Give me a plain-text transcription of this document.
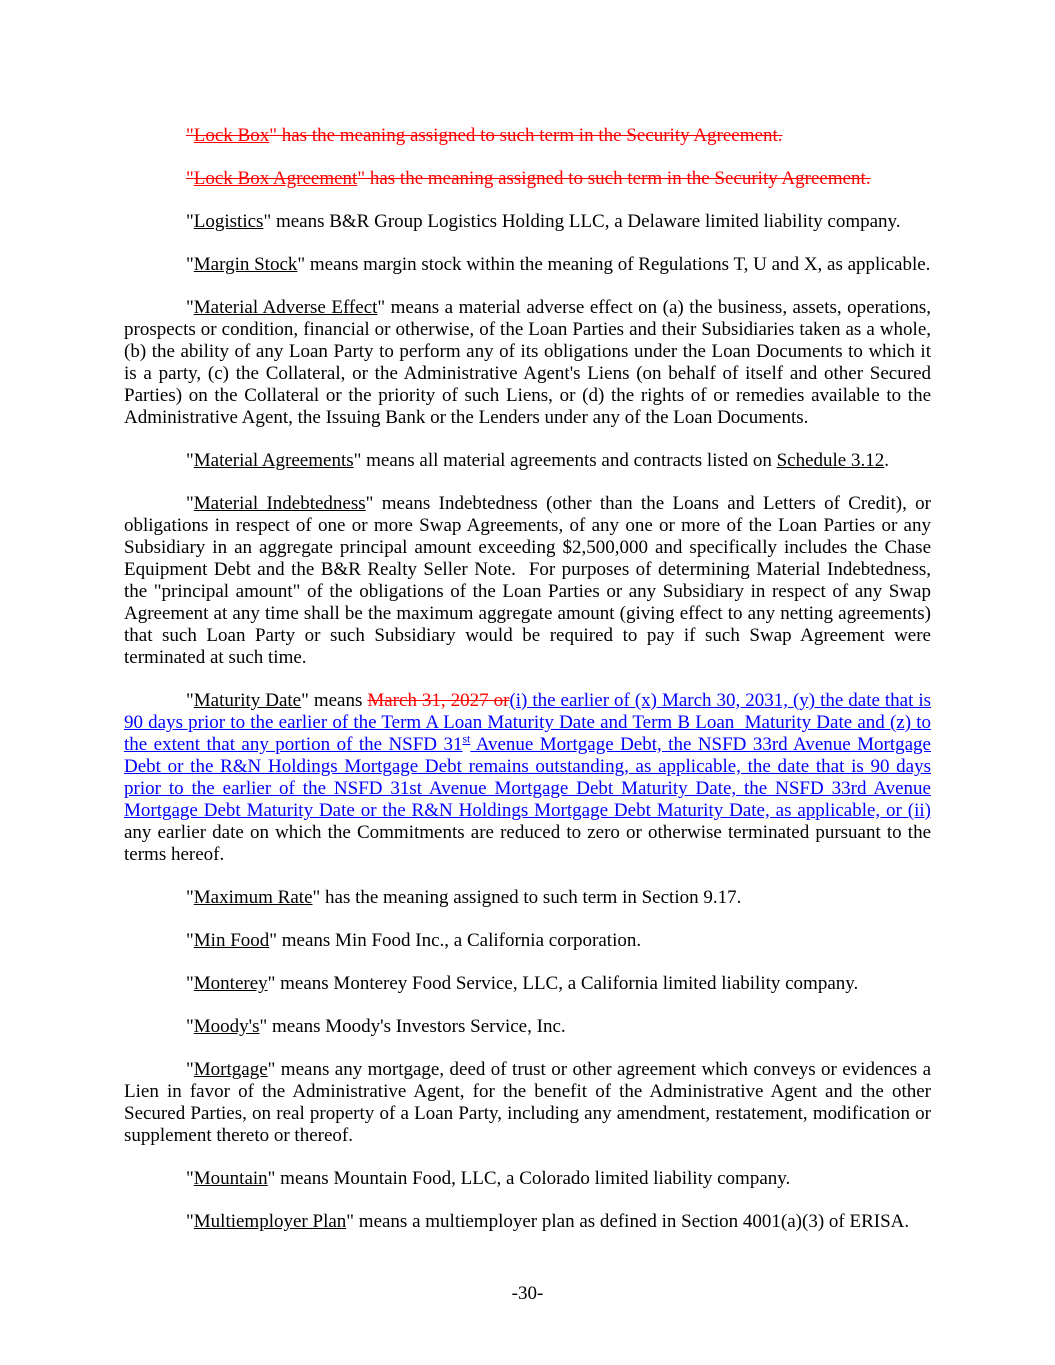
"Lock Box" has the meaning assigned to such term in the Security Agreement.

"Lock Box Agreement" has the meaning assigned to such term in the Security Agreement.

"Logistics" means B&R Group Logistics Holding LLC, a Delaware limited liability company.

"Margin Stock" means margin stock within the meaning of Regulations T, U and X, as applicable.

"Material Adverse Effect" means a material adverse effect on (a) the business, assets, operations, prospects or condition, financial or otherwise, of the Loan Parties and their Subsidiaries taken as a whole, (b) the ability of any Loan Party to perform any of its obligations under the Loan Documents to which it is a party, (c) the Collateral, or the Administrative Agent's Liens (on behalf of itself and other Secured Parties) on the Collateral or the priority of such Liens, or (d) the rights of or remedies available to the Administrative Agent, the Issuing Bank or the Lenders under any of the Loan Documents.

"Material Agreements" means all material agreements and contracts listed on Schedule 3.12.

"Material Indebtedness" means Indebtedness (other than the Loans and Letters of Credit), or obligations in respect of one or more Swap Agreements, of any one or more of the Loan Parties or any Subsidiary in an aggregate principal amount exceeding $2,500,000 and specifically includes the Chase Equipment Debt and the B&R Realty Seller Note.  For purposes of determining Material Indebtedness, the "principal amount" of the obligations of the Loan Parties or any Subsidiary in respect of any Swap Agreement at any time shall be the maximum aggregate amount (giving effect to any netting agreements) that such Loan Party or such Subsidiary would be required to pay if such Swap Agreement were terminated at such time.

"Maturity Date" means March 31, 2027 or(i) the earlier of (x) March 30, 2031, (y) the date that is 90 days prior to the earlier of the Term A Loan Maturity Date and Term B Loan  Maturity Date and (z) to the extent that any portion of the NSFD 31st Avenue Mortgage Debt, the NSFD 33rd Avenue Mortgage Debt or the R&N Holdings Mortgage Debt remains outstanding, as applicable, the date that is 90 days prior to the earlier of the NSFD 31st Avenue Mortgage Debt Maturity Date, the NSFD 33rd Avenue Mortgage Debt Maturity Date or the R&N Holdings Mortgage Debt Maturity Date, as applicable, or (ii) any earlier date on which the Commitments are reduced to zero or otherwise terminated pursuant to the terms hereof.

"Maximum Rate" has the meaning assigned to such term in Section 9.17.

"Min Food" means Min Food Inc., a California corporation.

"Monterey" means Monterey Food Service, LLC, a California limited liability company.

"Moody's" means Moody's Investors Service, Inc.

"Mortgage" means any mortgage, deed of trust or other agreement which conveys or evidences a Lien in favor of the Administrative Agent, for the benefit of the Administrative Agent and the other Secured Parties, on real property of a Loan Party, including any amendment, restatement, modification or supplement thereto or thereof.

"Mountain" means Mountain Food, LLC, a Colorado limited liability company.

"Multiemployer Plan" means a multiemployer plan as defined in Section 4001(a)(3) of ERISA.

-30-
